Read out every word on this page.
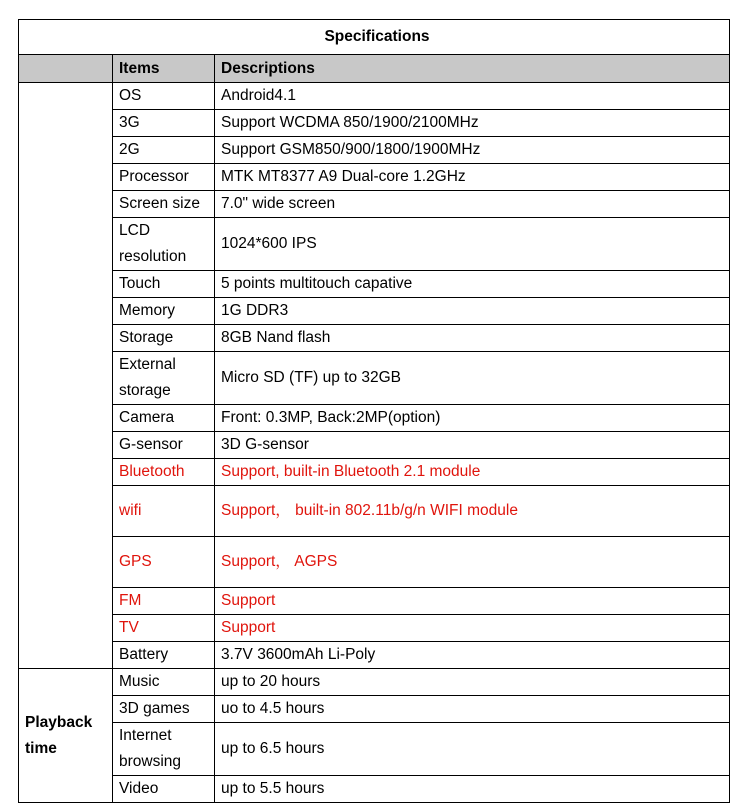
Specifications		
	Items	Descriptions
	OS	Android4.1
	3G	Support WCDMA 850/1900/2100MHz
	2G	Support GSM850/900/1800/1900MHz
	Processor	MTK MT8377 A9 Dual-core 1.2GHz
	Screen size	7.0" wide screen
	LCD resolution	1024*600 IPS
	Touch	5 points multitouch capative
	Memory	1G DDR3
	Storage	8GB Nand flash
	External storage	Micro SD (TF) up to 32GB
	Camera	Front: 0.3MP, Back:2MP(option)
	G-sensor	3D G-sensor
	Bluetooth	Support, built-in Bluetooth 2.1 module
	wifi	Support， built-in 802.11b/g/n WIFI module
	GPS	Support， AGPS
	FM	Support
	TV	Support
	Battery	3.7V 3600mAh Li-Poly
Playback time	Music	up to 20 hours
	3D games	uo to 4.5 hours
	Internet browsing	up to 6.5 hours
	Video	up to 5.5 hours
